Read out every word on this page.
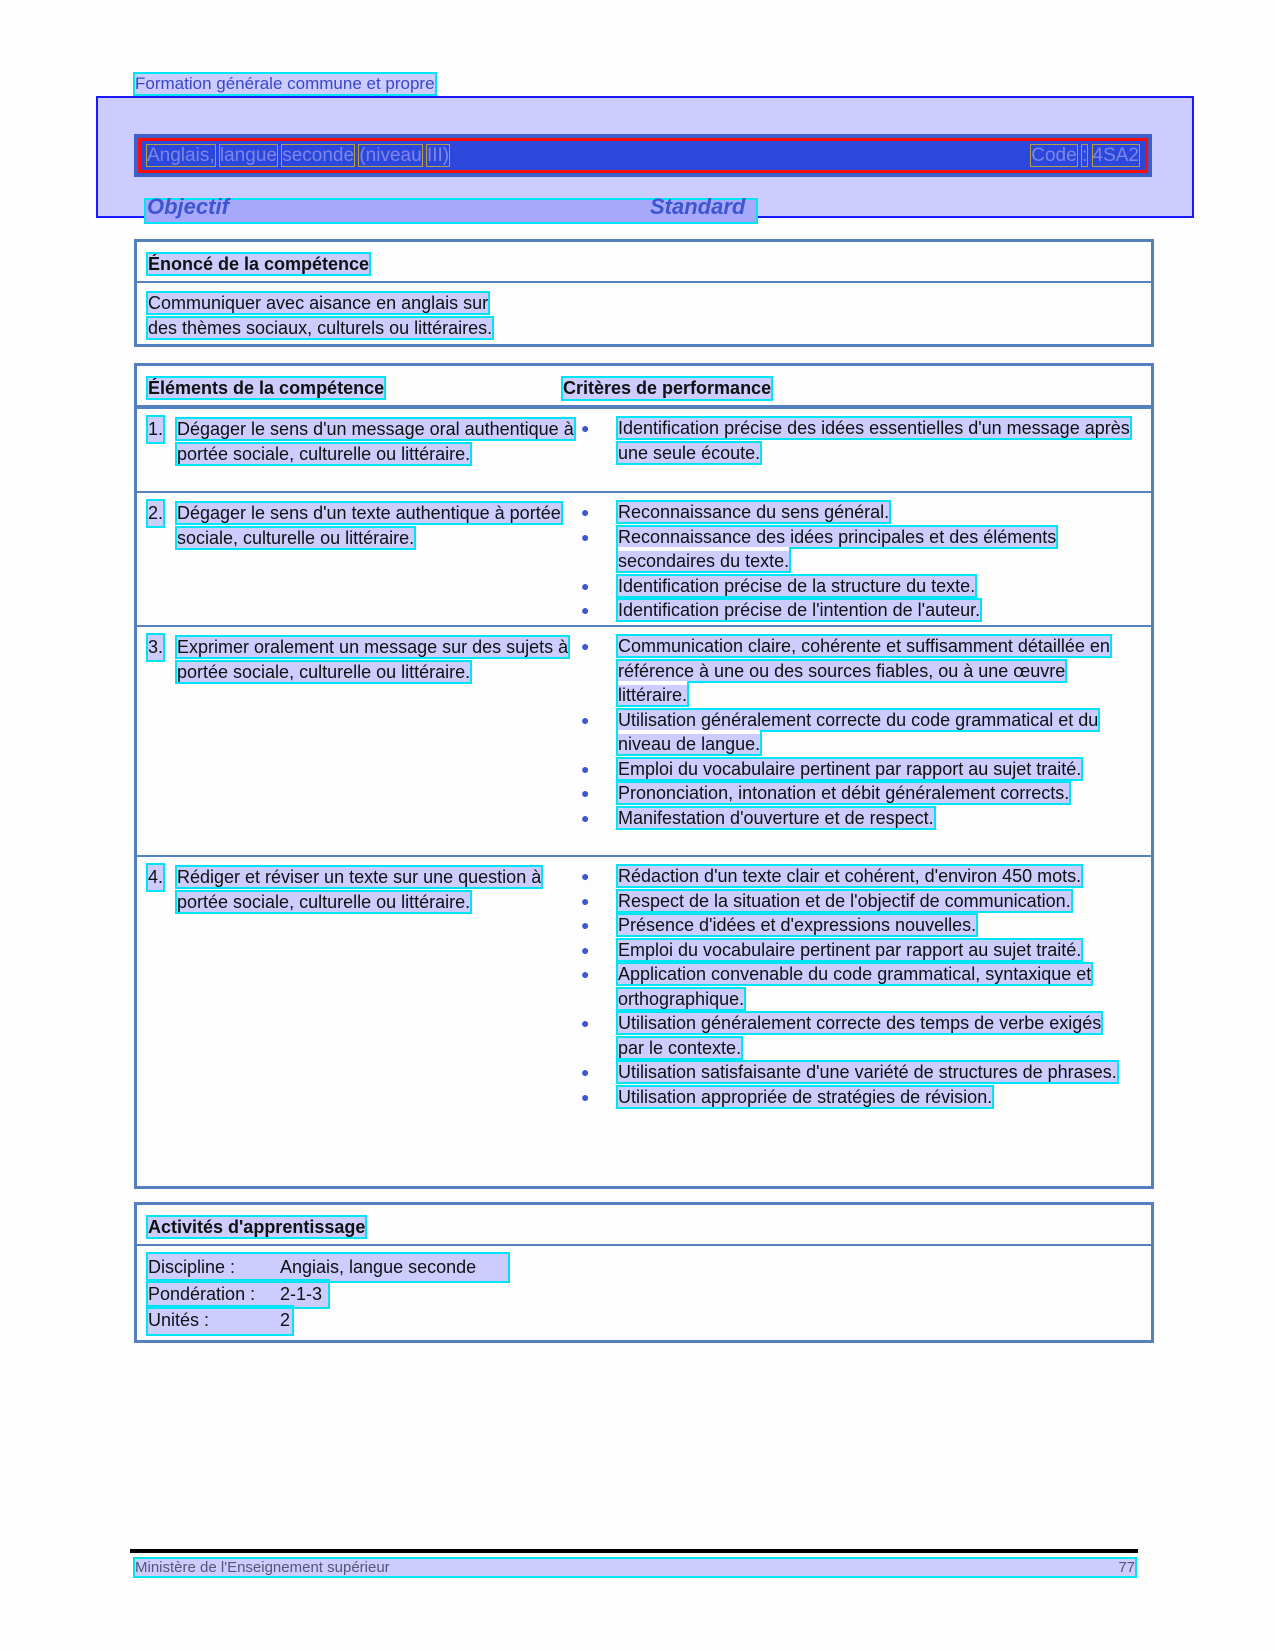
Formation générale commune et propre
Anglais, langue seconde (niveau III)	Code : 4SA2
Objectif	Standard
Énoncé de la compétence
Communiquer avec aisance en anglais sur
des thèmes sociaux, culturels ou littéraires.
Éléments de la compétence	Critères de performance
1. Dégager le sens d'un message oral authentique à portée sociale, culturelle ou littéraire.
● Identification précise des idées essentielles d'un message après une seule écoute.
2. Dégager le sens d'un texte authentique à portée sociale, culturelle ou littéraire.
● Reconnaissance du sens général.
● Reconnaissance des idées principales et des éléments secondaires du texte.
● Identification précise de la structure du texte.
● Identification précise de l'intention de l'auteur.
3. Exprimer oralement un message sur des sujets à portée sociale, culturelle ou littéraire.
● Communication claire, cohérente et suffisamment détaillée en référence à une ou des sources fiables, ou à une œuvre littéraire.
● Utilisation généralement correcte du code grammatical et du niveau de langue.
● Emploi du vocabulaire pertinent par rapport au sujet traité.
● Prononciation, intonation et débit généralement corrects.
● Manifestation d'ouverture et de respect.
4. Rédiger et réviser un texte sur une question à portée sociale, culturelle ou littéraire.
● Rédaction d'un texte clair et cohérent, d'environ 450 mots.
● Respect de la situation et de l'objectif de communication.
● Présence d'idées et d'expressions nouvelles.
● Emploi du vocabulaire pertinent par rapport au sujet traité.
● Application convenable du code grammatical, syntaxique et orthographique.
● Utilisation généralement correcte des temps de verbe exigés par le contexte.
● Utilisation satisfaisante d'une variété de structures de phrases.
● Utilisation appropriée de stratégies de révision.
Activités d'apprentissage
Discipline :	Angiais, langue seconde
Pondération :	2-1-3
Unités :	2
Ministère de l'Enseignement supérieur	77
